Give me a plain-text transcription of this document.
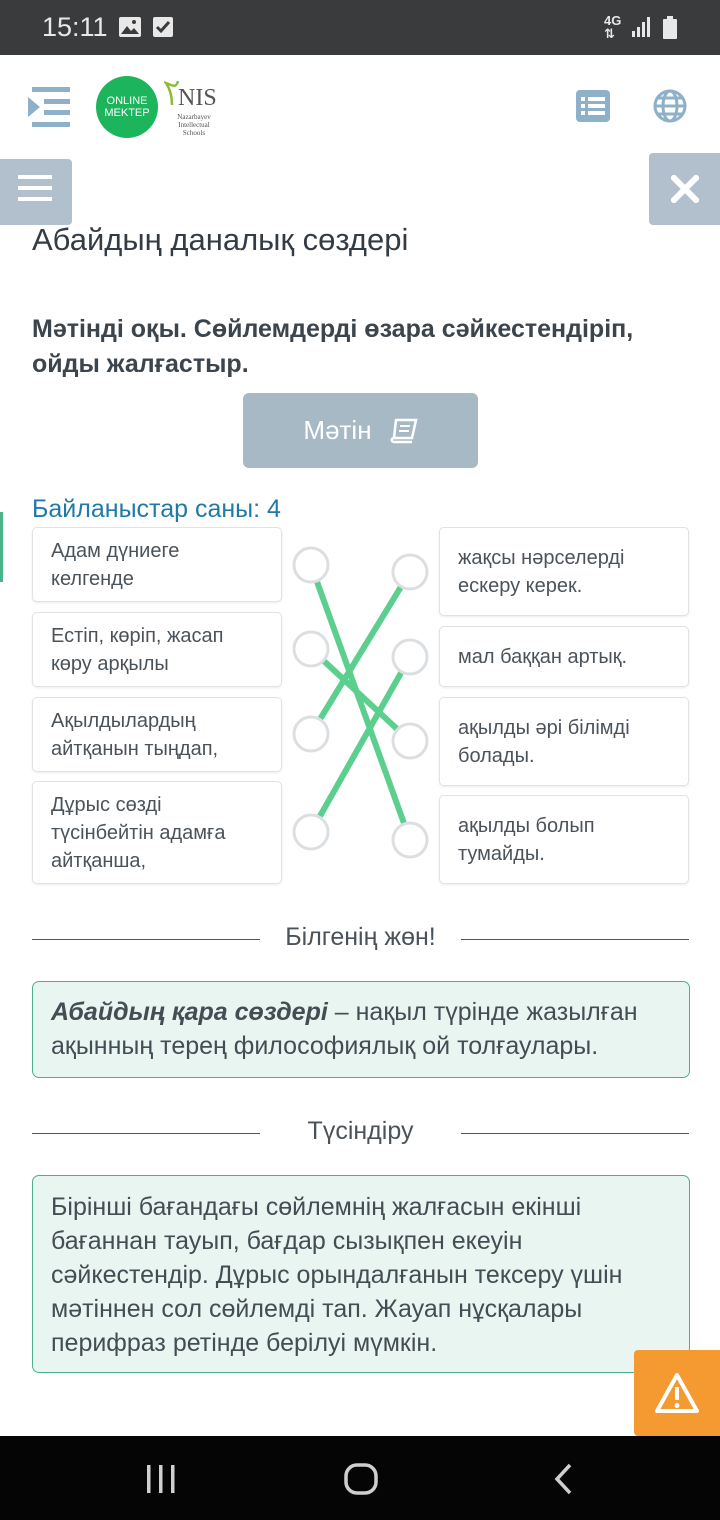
15:11	4G
⇅
ONLINE
MEKTEP
NIS
Nazarbayev Intellectual Schools
Абайдың даналық сөздері
Мәтінді оқы. Сөйлемдерді өзара сәйкестендіріп, ойды жалғастыр.
Мәтін
Байланыстар саны: 4
Адам дүниеге келгенде
Естіп, көріп, жасап көру арқылы
Ақылдылардың айтқанын тыңдап,
Дұрыс сөзді түсінбейтін адамға айтқанша,
жақсы нәрселерді ескеру керек.
мал баққан артық.
ақылды әрі білімді болады.
ақылды болып тумайды.
Білгенің жөн!
Абайдың қара сөздері – нақыл түрінде жазылған ақынның терең философиялық ой толғаулары.
Түсіндіру
Бірінші бағандағы сөйлемнің жалғасын екінші бағаннан тауып, бағдар сызықпен екеуін сәйкестендір. Дұрыс орындалғанын тексеру үшін мәтіннен сол сөйлемді тап. Жауап нұсқалары перифраз ретінде берілуі мүмкін.
